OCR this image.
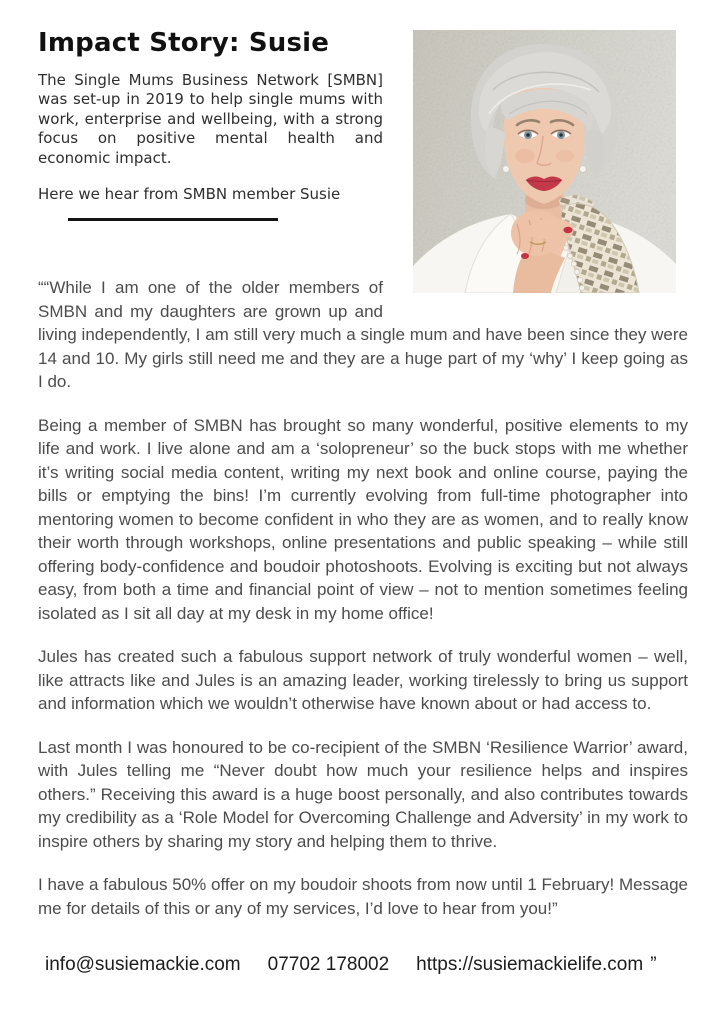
Impact Story: Susie

The Single Mums Business Network [SMBN] was set-up in 2019 to help single mums with work, enterprise and wellbeing, with a strong focus on positive mental health and economic impact.

Here we hear from SMBN member Susie

““While I am one of the older members of SMBN and my daughters are grown up and living independently, I am still very much a single mum and have been since they were 14 and 10. My girls still need me and they are a huge part of my ‘why’ I keep going as I do.

Being a member of SMBN has brought so many wonderful, positive elements to my life and work. I live alone and am a ‘solopreneur’ so the buck stops with me whether it’s writing social media content, writing my next book and online course, paying the bills or emptying the bins! I’m currently evolving from full-time photographer into mentoring women to become confident in who they are as women, and to really know their worth through workshops, online presentations and public speaking – while still offering body-confidence and boudoir photoshoots. Evolving is exciting but not always easy, from both a time and financial point of view – not to mention sometimes feeling isolated as I sit all day at my desk in my home office!

Jules has created such a fabulous support network of truly wonderful women – well, like attracts like and Jules is an amazing leader, working tirelessly to bring us support and information which we wouldn’t otherwise have known about or had access to.

Last month I was honoured to be co-recipient of the SMBN ‘Resilience Warrior’ award, with Jules telling me “Never doubt how much your resilience helps and inspires others.” Receiving this award is a huge boost personally, and also contributes towards my credibility as a ‘Role Model for Overcoming Challenge and Adversity’ in my work to inspire others by sharing my story and helping them to thrive.

I have a fabulous 50% offer on my boudoir shoots from now until 1 February! Message me for details of this or any of my services, I’d love to hear from you!”

info@susiemackie.com 07702 178002 https://susiemackielife.com ”
